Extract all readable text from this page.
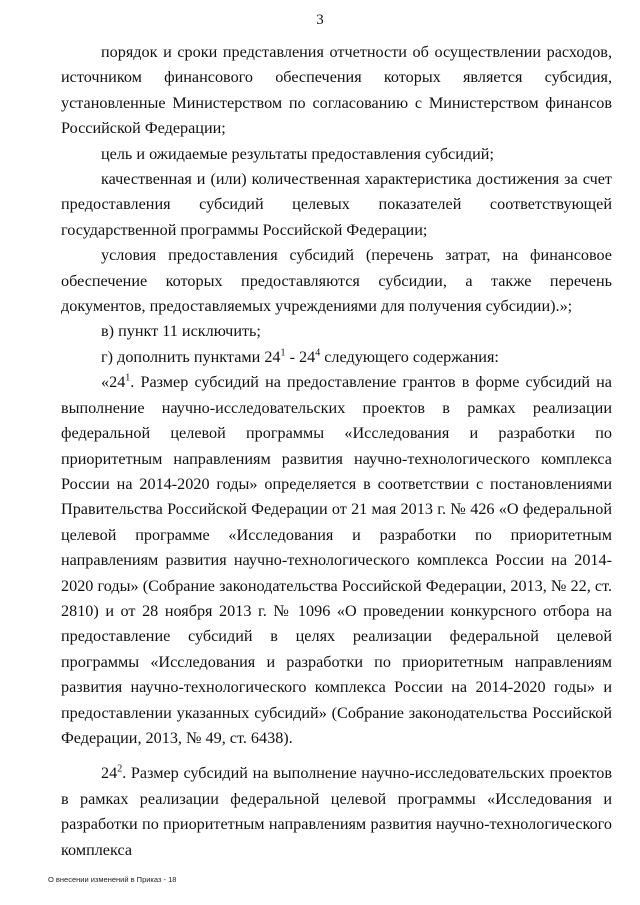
3

порядок и сроки представления отчетности об осуществлении расходов, источником финансового обеспечения которых является субсидия, установленные Министерством по согласованию с Министерством финансов Российской Федерации;

цель и ожидаемые результаты предоставления субсидий;

качественная и (или) количественная характеристика достижения за счет предоставления субсидий целевых показателей соответствующей государственной программы Российской Федерации;

условия предоставления субсидий (перечень затрат, на финансовое обеспечение которых предоставляются субсидии, а также перечень документов, предоставляемых учреждениями для получения субсидии).»;

в) пункт 11 исключить;

г) дополнить пунктами $24^1 - 24^4$ следующего содержания:

«$24^1$. Размер субсидий на предоставление грантов в форме субсидий на выполнение научно-исследовательских проектов в рамках реализации федеральной целевой программы «Исследования и разработки по приоритетным направлениям развития научно-технологического комплекса России на 2014-2020 годы» определяется в соответствии с постановлениями Правительства Российской Федерации от 21 мая 2013 г. № 426 «О федеральной целевой программе «Исследования и разработки по приоритетным направлениям развития научно-технологического комплекса России на 2014-2020 годы» (Собрание законодательства Российской Федерации, 2013, № 22, ст. 2810) и от 28 ноября 2013 г. № 1096 «О проведении конкурсного отбора на предоставление субсидий в целях реализации федеральной целевой программы «Исследования и разработки по приоритетным направлениям развития научно-технологического комплекса России на 2014-2020 годы» и предоставлении указанных субсидий» (Собрание законодательства Российской Федерации, 2013, № 49, ст. 6438).

$24^2$. Размер субсидий на выполнение научно-исследовательских проектов в рамках реализации федеральной целевой программы «Исследования и разработки по приоритетным направлениям развития научно-технологического комплекса

О внесении изменений в Приказ - 18
